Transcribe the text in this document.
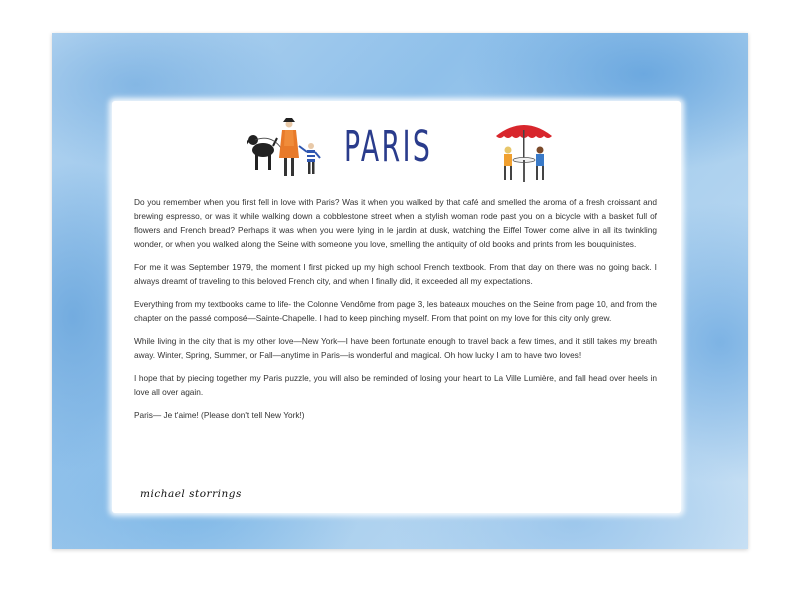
PARIS

Do you remember when you first fell in love with Paris? Was it when you walked by that café and smelled the aroma of a fresh croissant and brewing espresso, or was it while walking down a cobblestone street when a stylish woman rode past you on a bicycle with a basket full of flowers and French bread? Perhaps it was when you were lying in le jardin at dusk, watching the Eiffel Tower come alive in all its twinkling wonder, or when you walked along the Seine with someone you love, smelling the antiquity of old books and prints from les bouquinistes.

For me it was September 1979, the moment I first picked up my high school French textbook. From that day on there was no going back. I always dreamt of traveling to this beloved French city, and when I finally did, it exceeded all my expectations.

Everything from my textbooks came to life- the Colonne Vendôme from page 3, les bateaux mouches on the Seine from page 10, and from the chapter on the passé composé—Sainte-Chapelle. I had to keep pinching myself. From that point on my love for this city only grew.

While living in the city that is my other love—New York—I have been fortunate enough to travel back a few times, and it still takes my breath away. Winter, Spring, Summer, or Fall—anytime in Paris—is wonderful and magical. Oh how lucky I am to have two loves!

I hope that by piecing together my Paris puzzle, you will also be reminded of losing your heart to La Ville Lumière, and fall head over heels in love all over again.

Paris— Je t'aime! (Please don't tell New York!)

michael storrings
